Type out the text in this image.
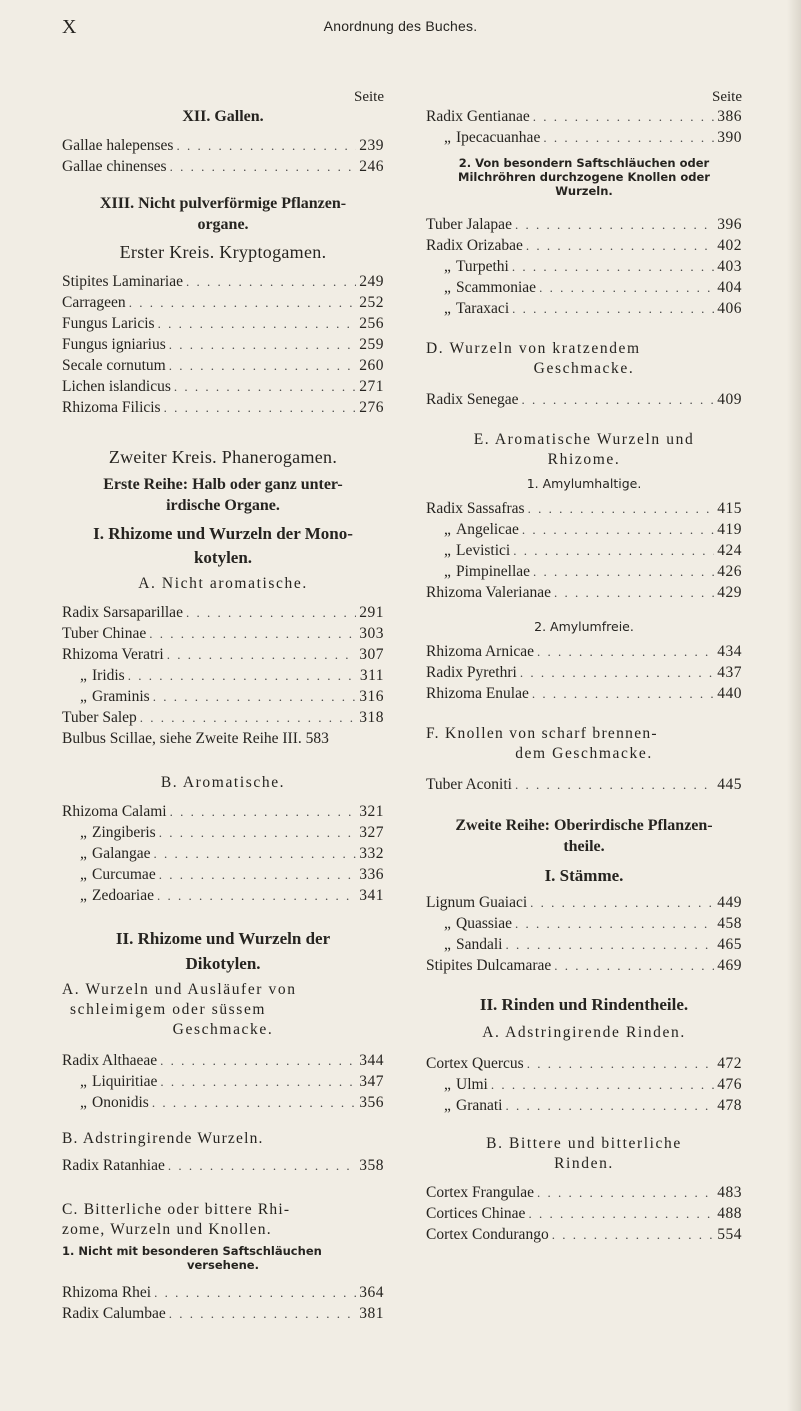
X	Anordnung des Buches.
Seite
XII. Gallen.
Gallae halepenses . . .	239
Gallae chinenses . . .	246
XIII. Nicht pulverförmige Pflanzen-
organe.
Erster Kreis. Kryptogamen.
Stipites Laminariae . . .	249
Carrageen . . .	252
Fungus Laricis . . .	256
Fungus igniarius . . .	259
Secale cornutum . . .	260
Lichen islandicus . . .	271
Rhizoma Filicis . . .	276
Zweiter Kreis. Phanerogamen.
Erste Reihe: Halb oder ganz unter-
irdische Organe.
I. Rhizome und Wurzeln der Mono-
kotylen.
A. Nicht aromatische.
Radix Sarsaparillae . . .	291
Tuber Chinae . . .	303
Rhizoma Veratri . . .	307
„ Iridis . . .	311
„ Graminis . . .	316
Tuber Salep . . .	318
Bulbus Scillae, siehe Zweite Reihe III. 583
B. Aromatische.
Rhizoma Calami . . .	321
„ Zingiberis . . .	327
„ Galangae . . .	332
„ Curcumae . . .	336
„ Zedoariae . . .	341
II. Rhizome und Wurzeln der
Dikotylen.
A. Wurzeln und Ausläufer von
schleimigem oder süssem
Geschmacke.
Radix Althaeae . . .	344
„ Liquiritiae . . .	347
„ Ononidis . . .	356
B. Adstringirende Wurzeln.
Radix Ratanhiae . . .	358
C. Bitterliche oder bittere Rhi-
zome, Wurzeln und Knollen.
1. Nicht mit besonderen Saftschläuchen
versehene.
Rhizoma Rhei . . .	364
Radix Calumbae . . .	381
Seite
Radix Gentianae . . .	386
„ Ipecacuanhae . . .	390
2. Von besondern Saftschläuchen oder
Milchröhren durchzogene Knollen oder
Wurzeln.
Tuber Jalapae . . .	396
Radix Orizabae . . .	402
„ Turpethi . . .	403
„ Scammoniae . . .	404
„ Taraxaci . . .	406
D. Wurzeln von kratzendem
Geschmacke.
Radix Senegae . . .	409
E. Aromatische Wurzeln und
Rhizome.
1. Amylumhaltige.
Radix Sassafras . . .	415
„ Angelicae . . .	419
„ Levistici . . .	424
„ Pimpinellae . . .	426
Rhizoma Valerianae . . .	429
2. Amylumfreie.
Rhizoma Arnicae . . .	434
Radix Pyrethri . . .	437
Rhizoma Enulae . . .	440
F. Knollen von scharf brennen-
dem Geschmacke.
Tuber Aconiti . . .	445
Zweite Reihe: Oberirdische Pflanzen-
theile.
I. Stämme.
Lignum Guaiaci . . .	449
„ Quassiae . . .	458
„ Sandali . . .	465
Stipites Dulcamarae . . .	469
II. Rinden und Rindentheile.
A. Adstringirende Rinden.
Cortex Quercus . . .	472
„ Ulmi . . .	476
„ Granati . . .	478
B. Bittere und bitterliche
Rinden.
Cortex Frangulae . . .	483
Cortices Chinae . . .	488
Cortex Condurango . . .	554
